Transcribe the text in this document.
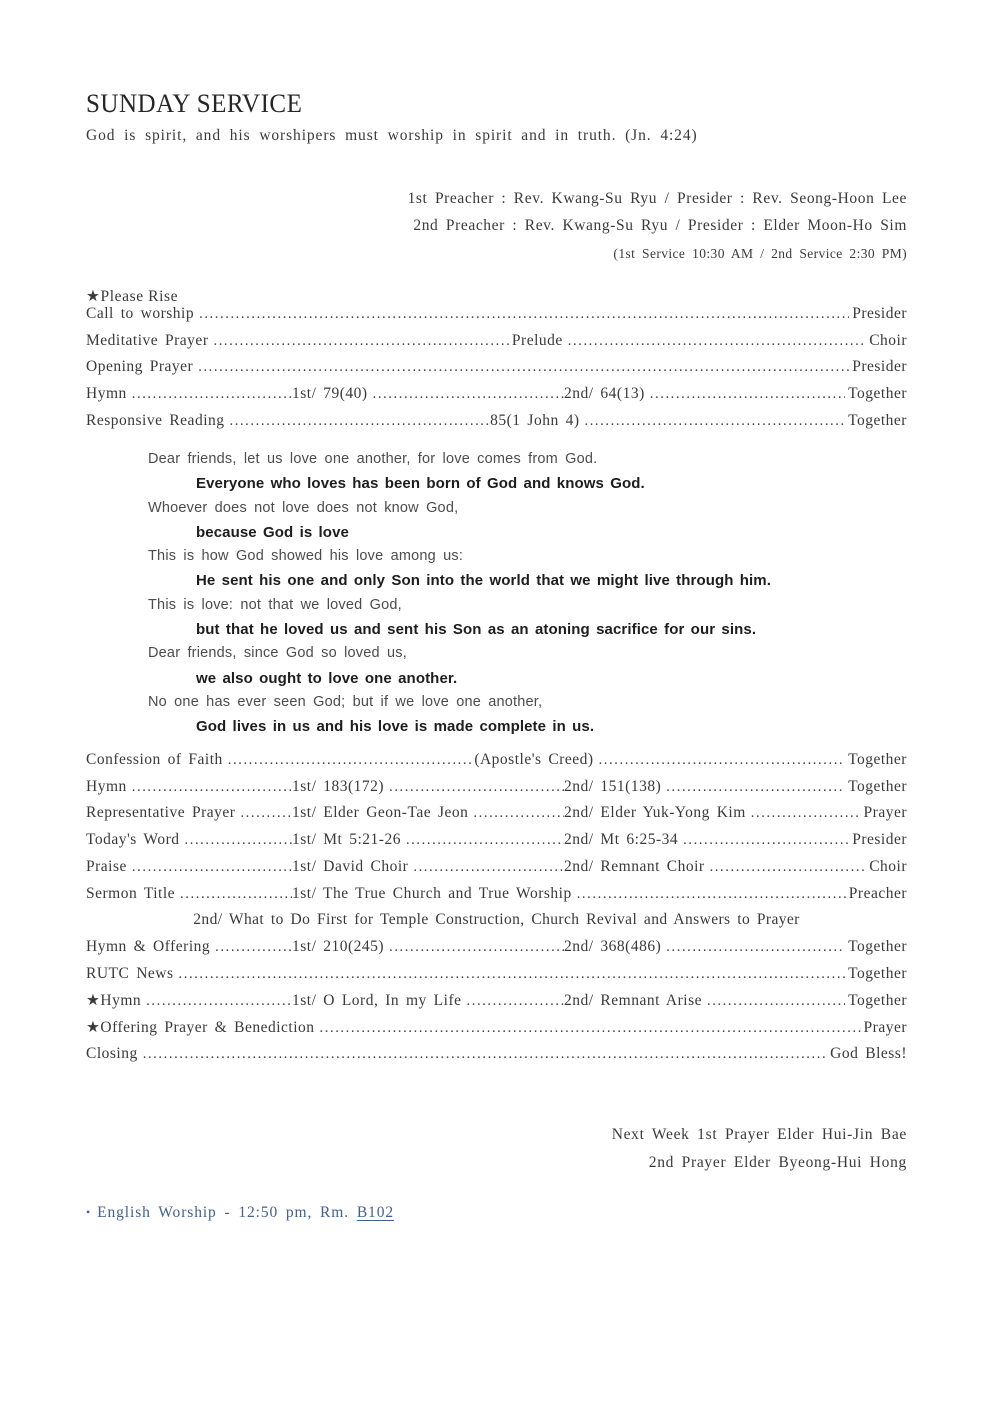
SUNDAY SERVICE
God is spirit, and his worshipers must worship in spirit and in truth. (Jn. 4:24)
1st Preacher : Rev. Kwang-Su Ryu / Presider : Rev. Seong-Hoon Lee
2nd Preacher : Rev. Kwang-Su Ryu / Presider : Elder Moon-Ho Sim
(1st Service 10:30 AM / 2nd Service 2:30 PM)
★Please Rise
Call to worship .....	Presider
Meditative Prayer .....	Prelude .....	Choir
Opening Prayer .....	Presider
Hymn .....	1st/ 79(40) .....	2nd/ 64(13) .....	Together
Responsive Reading .....	85(1 John 4) .....	Together
Dear friends, let us love one another, for love comes from God.
Everyone who loves has been born of God and knows God.
Whoever does not love does not know God,
because God is love
This is how God showed his love among us:
He sent his one and only Son into the world that we might live through him.
This is love: not that we loved God,
but that he loved us and sent his Son as an atoning sacrifice for our sins.
Dear friends, since God so loved us,
we also ought to love one another.
No one has ever seen God; but if we love one another,
God lives in us and his love is made complete in us.
Confession of Faith .....	(Apostle's Creed) .....	Together
Hymn .....	1st/ 183(172) .....	2nd/ 151(138) .....	Together
Representative Prayer .....	1st/ Elder Geon-Tae Jeon .....	2nd/ Elder Yuk-Yong Kim .....	Prayer
Today's Word .....	1st/ Mt 5:21-26 .....	2nd/ Mt 6:25-34 .....	Presider
Praise .....	1st/ David Choir .....	2nd/ Remnant Choir .....	Choir
Sermon Title .....	1st/ The True Church and True Worship .....	Preacher
2nd/ What to Do First for Temple Construction, Church Revival and Answers to Prayer
Hymn & Offering .....	1st/ 210(245) .....	2nd/ 368(486) .....	Together
RUTC News .....	Together
★Hymn .....	1st/ O Lord, In my Life .....	2nd/ Remnant Arise .....	Together
★Offering Prayer & Benediction .....	Prayer
Closing .....	God Bless!
Next Week 1st Prayer Elder Hui-Jin Bae
2nd Prayer Elder Byeong-Hui Hong
• English Worship - 12:50 pm, Rm. B102
